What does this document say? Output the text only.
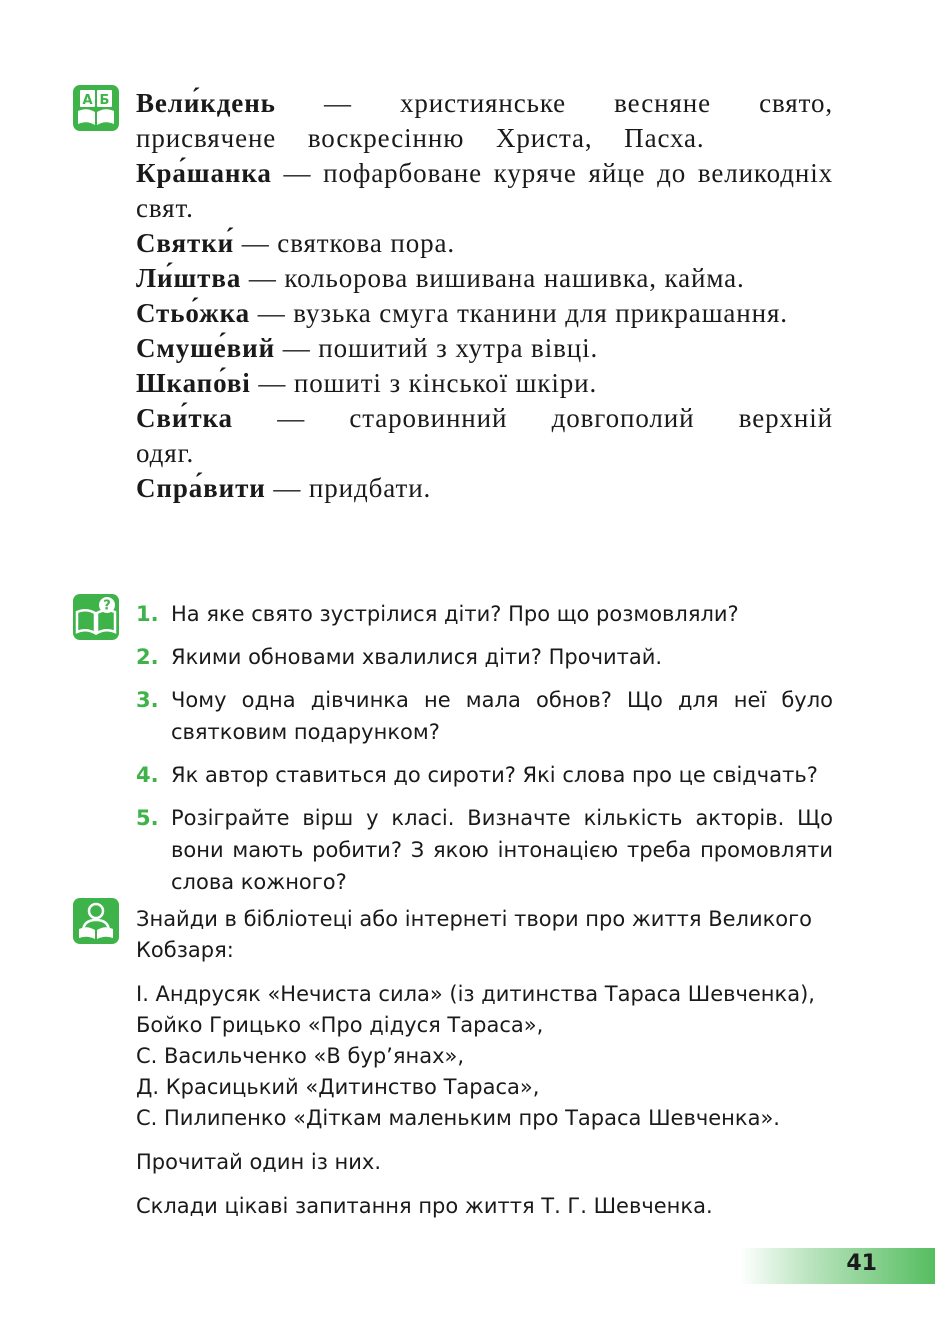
А Б Вели́кдень — християнське весняне свято, присвячене воскресінню Христа, Пасха.

Кра́шанка — пофарбоване куряче яйце до великодніх свят.

Святки́ — святкова пора.

Ли́штва — кольорова вишивана нашивка, кайма.

Стьо́жка — вузька смуга тканини для прикрашання.

Смуше́вий — пошитий з хутра вівці.

Шкапо́ві — пошиті з кінської шкіри.

Сви́тка — старовинний довгополий верхній одяг.

Спра́вити — придбати.

? 1. На яке свято зустрілися діти? Про що розмовляли?
2. Якими обновами хвалилися діти? Прочитай.
3. Чому одна дівчинка не мала обнов? Що для неї було святковим подарунком?
4. Як автор ставиться до сироти? Які слова про це свідчать?
5. Розіграйте вірш у класі. Визначте кількість акторів. Що вони мають робити? З якою інтонацією треба промовляти слова кожного?

Знайди в бібліотеці або інтернеті твори про життя Великого Кобзаря:

І. Андрусяк «Нечиста сила» (із дитинства Тараса Шевченка),
Бойко Грицько «Про дідуся Тараса»,
С. Васильченко «В бур’янах»,
Д. Красицький «Дитинство Тараса»,
С. Пилипенко «Діткам маленьким про Тараса Шевченка».

Прочитай один із них.

Склади цікаві запитання про життя Т. Г. Шевченка.

41
